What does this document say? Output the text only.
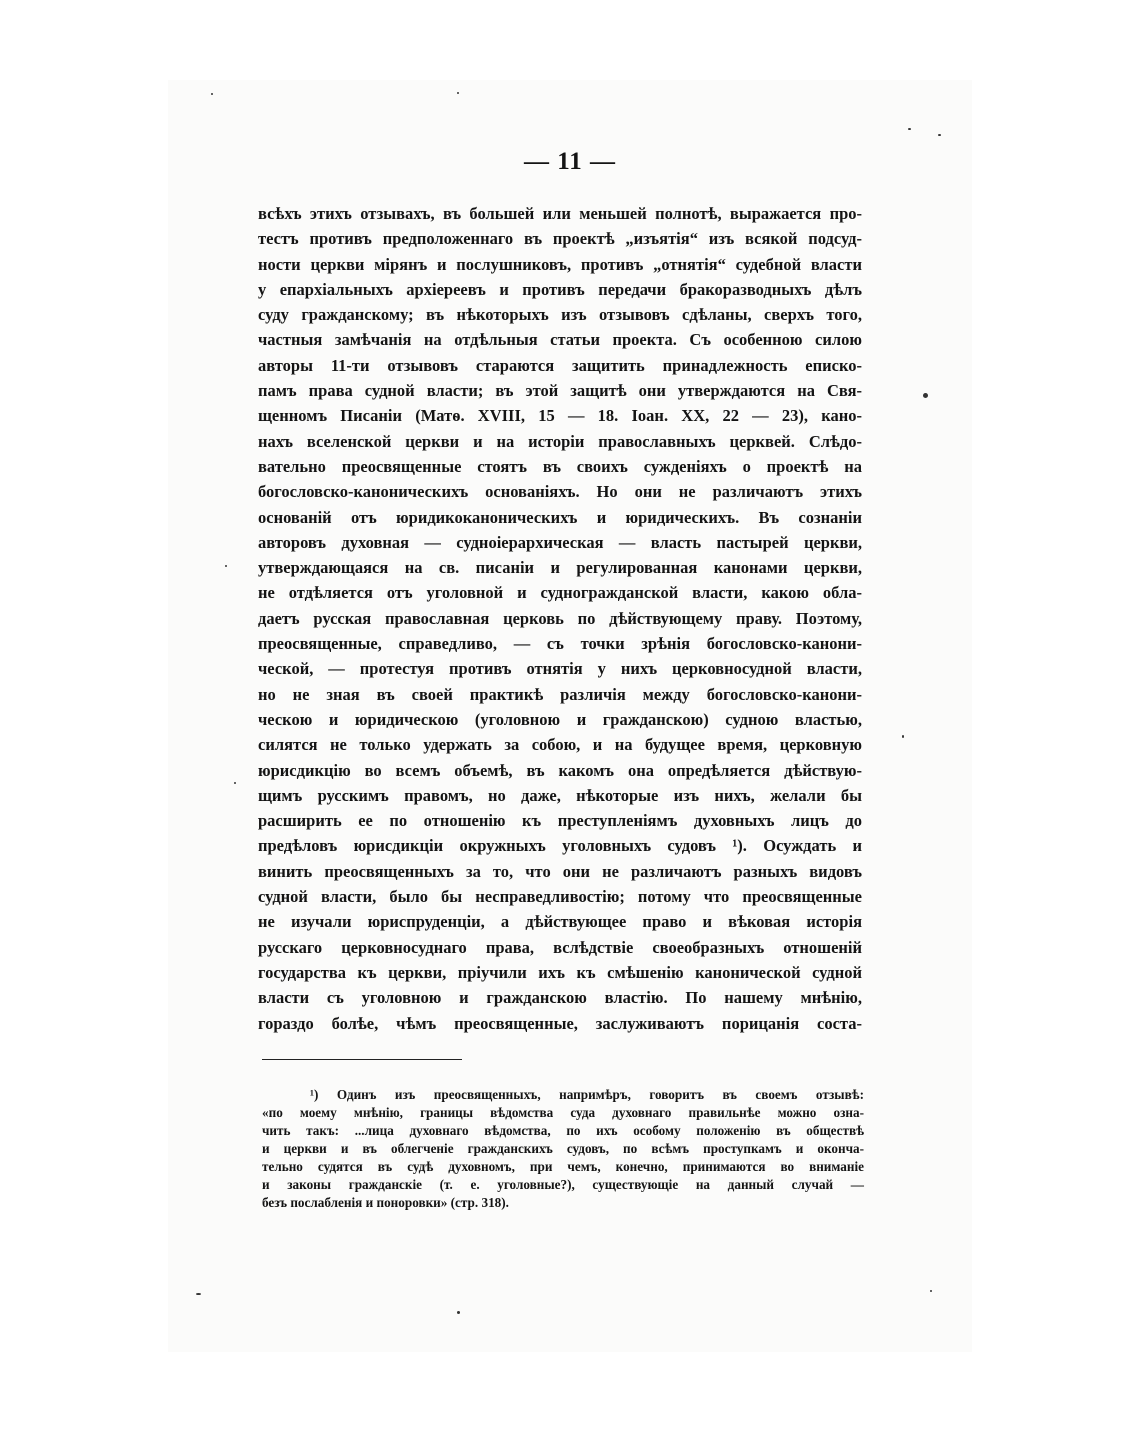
— 11 —
всѣхъ этихъ отзывахъ, въ большей или меньшей полнотѣ, выражается про-
тестъ противъ предположеннаго въ проектѣ „изъятія“ изъ всякой подсуд-
ности церкви мірянъ и послушниковъ, противъ „отнятія“ судебной власти
у епархіальныхъ архіереевъ и противъ передачи бракоразводныхъ дѣлъ
суду гражданскому; въ нѣкоторыхъ изъ отзывовъ сдѣланы, сверхъ того,
частныя замѣчанія на отдѣльныя статьи проекта. Съ особенною силою
авторы 11-ти отзывовъ стараются защитить принадлежность еписко-
памъ права судной власти; въ этой защитѣ они утверждаются на Свя-
щенномъ Писаніи (Матѳ. XVIII, 15 — 18. Іоан. XX, 22 — 23), кано-
нахъ вселенской церкви и на исторіи православныхъ церквей. Слѣдо-
вательно преосвященные стоятъ въ своихъ сужденіяхъ о проектѣ на
богословско-каноническихъ основаніяхъ. Но они не различаютъ этихъ
основаній отъ юридикоканоническихъ и юридическихъ. Въ сознаніи
авторовъ духовная — судноіерархическая — власть пастырей церкви,
утверждающаяся на св. писаніи и регулированная канонами церкви,
не отдѣляется отъ уголовной и судногражданской власти, какою обла-
даетъ русская православная церковь по дѣйствующему праву. Поэтому,
преосвященные, справедливо, — съ точки зрѣнія богословско-канони-
ческой, — протестуя противъ отнятія у нихъ церковносудной власти,
но не зная въ своей практикѣ различія между богословско-канони-
ческою и юридическою (уголовною и гражданскою) судною властью,
силятся не только удержать за собою, и на будущее время, церковную
юрисдикцію во всемъ объемѣ, въ какомъ она опредѣляется дѣйствую-
щимъ русскимъ правомъ, но даже, нѣкоторые изъ нихъ, желали бы
расширить ее по отношенію къ преступленіямъ духовныхъ лицъ до
предѣловъ юрисдикціи окружныхъ уголовныхъ судовъ ¹). Осуждать и
винить преосвященныхъ за то, что они не различаютъ разныхъ видовъ
судной власти, было бы несправедливостію; потому что преосвященные
не изучали юриспруденціи, а дѣйствующее право и вѣковая исторія
русскаго церковносуднаго права, вслѣдствіе своеобразныхъ отношеній
государства къ церкви, пріучили ихъ къ смѣшенію канонической судной
власти съ уголовною и гражданскою властію. По нашему мнѣнію,
гораздо болѣе, чѣмъ преосвященные, заслуживаютъ порицанія соста-
¹) Одинъ изъ преосвященныхъ, напримѣръ, говоритъ въ своемъ отзывѣ:
«по моему мнѣнію, границы вѣдомства суда духовнаго правильнѣе можно озна-
чить такъ: ...лица духовнаго вѣдомства, по ихъ особому положенію въ обществѣ
и церкви и въ облегченіе гражданскихъ судовъ, по всѣмъ проступкамъ и оконча-
тельно судятся въ судѣ духовномъ, при чемъ, конечно, принимаются во вниманіе
и законы гражданскіе (т. е. уголовные?), существующіе на данный случай —
безъ послабленія и поноровки» (стр. 318).
